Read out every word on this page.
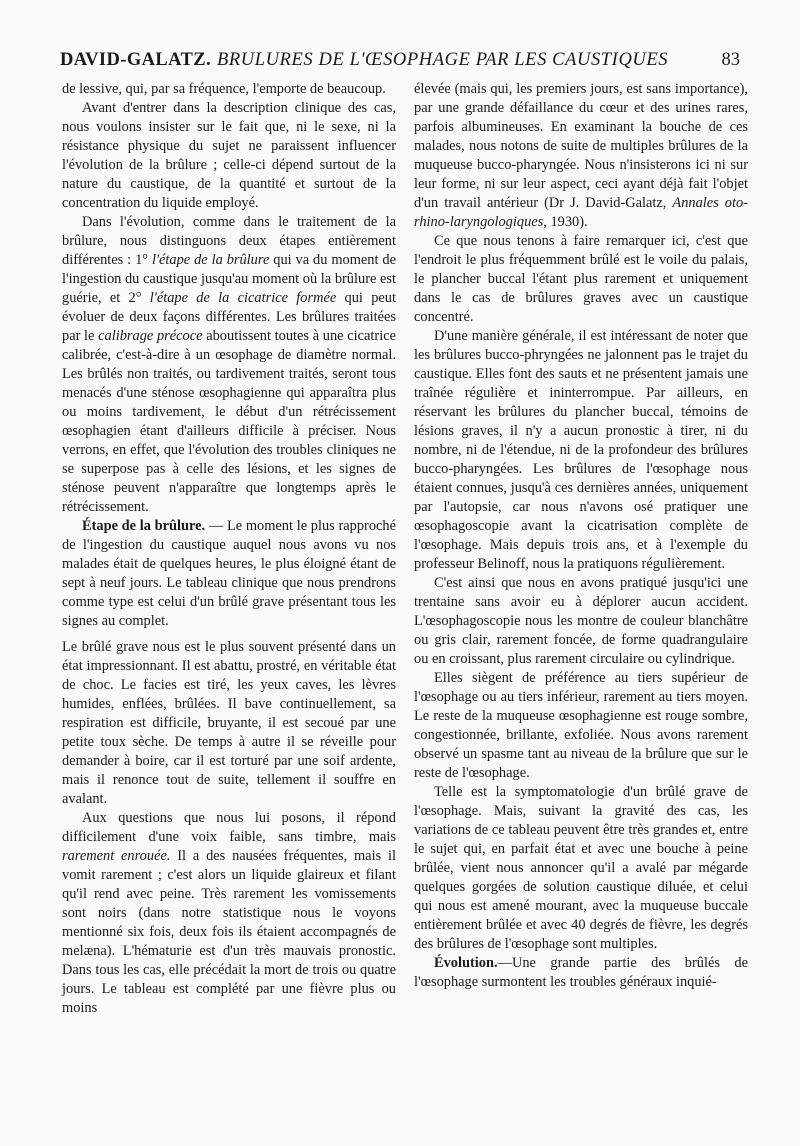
DAVID-GALATZ. BRULURES DE L'ŒSOPHAGE PAR LES CAUSTIQUES	83

de lessive, qui, par sa fréquence, l'emporte de beaucoup.

Avant d'entrer dans la description clinique des cas, nous voulons insister sur le fait que, ni le sexe, ni la résistance physique du sujet ne paraissent influencer l'évolution de la brûlure ; celle-ci dépend surtout de la nature du caustique, de la quantité et surtout de la concentration du liquide employé.

Dans l'évolution, comme dans le traitement de la brûlure, nous distinguons deux étapes entièrement différentes : 1° l'étape de la brûlure qui va du moment de l'ingestion du caustique jusqu'au moment où la brûlure est guérie, et 2° l'étape de la cicatrice formée qui peut évoluer de deux façons différentes. Les brûlures traitées par le calibrage précoce aboutissent toutes à une cicatrice calibrée, c'est-à-dire à un œsophage de diamètre normal. Les brûlés non traités, ou tardivement traités, seront tous menacés d'une sténose œsophagienne qui apparaîtra plus ou moins tardivement, le début d'un rétrécissement œsophagien étant d'ailleurs difficile à préciser. Nous verrons, en effet, que l'évolution des troubles cliniques ne se superpose pas à celle des lésions, et les signes de sténose peuvent n'apparaître que longtemps après le rétrécissement.

Étape de la brûlure. — Le moment le plus rapproché de l'ingestion du caustique auquel nous avons vu nos malades était de quelques heures, le plus éloigné étant de sept à neuf jours. Le tableau clinique que nous prendrons comme type est celui d'un brûlé grave présentant tous les signes au complet.

Le brûlé grave nous est le plus souvent présenté dans un état impressionnant. Il est abattu, prostré, en véritable état de choc. Le facies est tiré, les yeux caves, les lèvres humides, enflées, brûlées. Il bave continuellement, sa respiration est difficile, bruyante, il est secoué par une petite toux sèche. De temps à autre il se réveille pour demander à boire, car il est torturé par une soif ardente, mais il renonce tout de suite, tellement il souffre en avalant.

Aux questions que nous lui posons, il répond difficilement d'une voix faible, sans timbre, mais rarement enrouée. Il a des nausées fréquentes, mais il vomit rarement ; c'est alors un liquide glaireux et filant qu'il rend avec peine. Très rarement les vomissements sont noirs (dans notre statistique nous le voyons mentionné six fois, deux fois ils étaient accompagnés de melæna). L'hématurie est d'un très mauvais pronostic. Dans tous les cas, elle précédait la mort de trois ou quatre jours. Le tableau est complété par une fièvre plus ou moins

élevée (mais qui, les premiers jours, est sans importance), par une grande défaillance du cœur et des urines rares, parfois albumineuses. En examinant la bouche de ces malades, nous notons de suite de multiples brûlures de la muqueuse bucco-pharyngée. Nous n'insisterons ici ni sur leur forme, ni sur leur aspect, ceci ayant déjà fait l'objet d'un travail antérieur (Dr J. David-Galatz, Annales oto-rhino-laryngologiques, 1930).

Ce que nous tenons à faire remarquer ici, c'est que l'endroit le plus fréquemment brûlé est le voile du palais, le plancher buccal l'étant plus rarement et uniquement dans le cas de brûlures graves avec un caustique concentré.

D'une manière générale, il est intéressant de noter que les brûlures bucco-phryngées ne jalonnent pas le trajet du caustique. Elles font des sauts et ne présentent jamais une traînée régulière et ininterrompue. Par ailleurs, en réservant les brûlures du plancher buccal, témoins de lésions graves, il n'y a aucun pronostic à tirer, ni du nombre, ni de l'étendue, ni de la profondeur des brûlures bucco-pharyngées. Les brûlures de l'œsophage nous étaient connues, jusqu'à ces dernières années, uniquement par l'autopsie, car nous n'avons osé pratiquer une œsophagoscopie avant la cicatrisation complète de l'œsophage. Mais depuis trois ans, et à l'exemple du professeur Belinoff, nous la pratiquons régulièrement.

C'est ainsi que nous en avons pratiqué jusqu'ici une trentaine sans avoir eu à déplorer aucun accident. L'œsophagoscopie nous les montre de couleur blanchâtre ou gris clair, rarement foncée, de forme quadrangulaire ou en croissant, plus rarement circulaire ou cylindrique.

Elles siègent de préférence au tiers supérieur de l'œsophage ou au tiers inférieur, rarement au tiers moyen. Le reste de la muqueuse œsophagienne est rouge sombre, congestionnée, brillante, exfoliée. Nous avons rarement observé un spasme tant au niveau de la brûlure que sur le reste de l'œsophage.

Telle est la symptomatologie d'un brûlé grave de l'œsophage. Mais, suivant la gravité des cas, les variations de ce tableau peuvent être très grandes et, entre le sujet qui, en parfait état et avec une bouche à peine brûlée, vient nous annoncer qu'il a avalé par mégarde quelques gorgées de solution caustique diluée, et celui qui nous est amené mourant, avec la muqueuse buccale entièrement brûlée et avec 40 degrés de fièvre, les degrés des brûlures de l'œsophage sont multiples.

Évolution.—Une grande partie des brûlés de l'œsophage surmontent les troubles généraux inquié-
